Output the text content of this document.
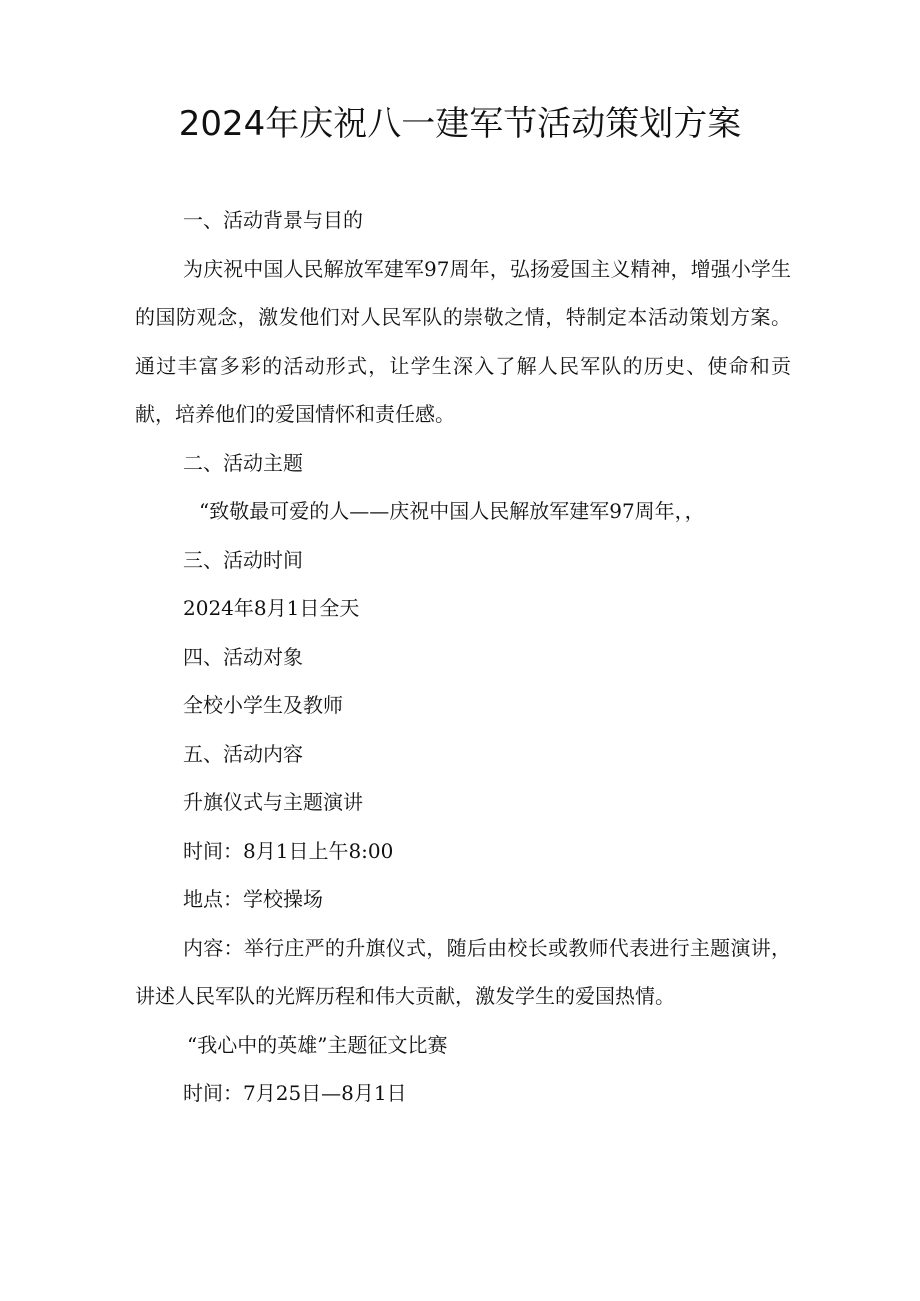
2024年庆祝八一建军节活动策划方案

一、活动背景与目的

为庆祝中国人民解放军建军97周年，弘扬爱国主义精神，增强小学生的国防观念，激发他们对人民军队的崇敬之情，特制定本活动策划方案。通过丰富多彩的活动形式，让学生深入了解人民军队的历史、使命和贡献，培养他们的爱国情怀和责任感。

二、活动主题

“致敬最可爱的人——庆祝中国人民解放军建军97周年，，

三、活动时间

2024年8月1日全天

四、活动对象

全校小学生及教师

五、活动内容

升旗仪式与主题演讲

时间：8月1日上午8:00

地点：学校操场

内容：举行庄严的升旗仪式，随后由校长或教师代表进行主题演讲，讲述人民军队的光辉历程和伟大贡献，激发学生的爱国热情。

“我心中的英雄”主题征文比赛

时间：7月25日—8月1日
